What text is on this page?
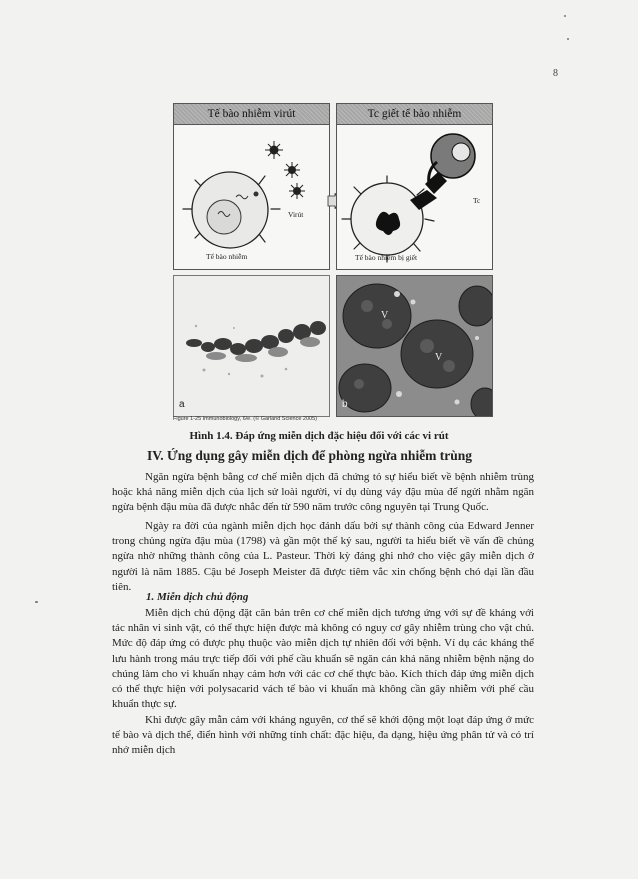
8
Tế bào nhiễm virút
Virút
Tế bào nhiễm
Tc giết tế bào nhiễm
Tc
Tế bào nhiễm bị giết
a
V
V
b
Figure 1-25 Immunobiology, 6/e. (© Garland Science 2005)
Hình 1.4. Đáp ứng miễn dịch đặc hiệu đối với các vi rút
IV. Ứng dụng gây miễn dịch để phòng ngừa nhiễm trùng

Ngăn ngừa bệnh bằng cơ chế miễn dịch đã chứng tỏ sự hiểu biết về bệnh nhiễm trùng hoặc khả năng miễn dịch của lịch sử loài người, ví dụ dùng vảy đậu mùa để ngửi nhằm ngăn ngừa bệnh đậu mùa đã được nhắc đến từ 590 năm trước công nguyên tại Trung Quốc.

Ngày ra đời của ngành miễn dịch học đánh dấu bởi sự thành công của Edward Jenner trong chủng ngừa đậu mùa (1798) và gần một thế kỷ sau, người ta hiểu biết về vấn đề chủng ngừa nhờ những thành công của L. Pasteur. Thời kỳ đáng ghi nhớ cho việc gây miễn dịch ở người là năm 1885. Cậu bé Joseph Meister đã được tiêm vắc xin chống bệnh chó dại lần đầu tiên.

1. Miễn dịch chủ động

Miễn dịch chủ động đặt căn bản trên cơ chế miễn dịch tương ứng với sự đề kháng với tác nhân vi sinh vật, có thể thực hiện được mà không có nguy cơ gây nhiễm trùng cho vật chủ. Mức độ đáp ứng có được phụ thuộc vào miễn dịch tự nhiên đối với bệnh. Ví dụ các kháng thể lưu hành trong máu trực tiếp đối với phế cầu khuẩn sẽ ngăn cản khả năng nhiễm bệnh nặng do chúng làm cho vi khuẩn nhạy cảm hơn với các cơ chế thực bào. Kích thích đáp ứng miễn dịch có thể thực hiện với polysacarid vách tế bào vi khuẩn mà không cần gây nhiễm với phế cầu khuẩn thực sự.

Khi được gây mẫn cảm với kháng nguyên, cơ thể sẽ khởi động một loạt đáp ứng ở mức tế bào và dịch thể, điển hình với những tính chất: đặc hiệu, đa dạng, hiệu ứng phân tử và có trí nhớ miễn dịch
